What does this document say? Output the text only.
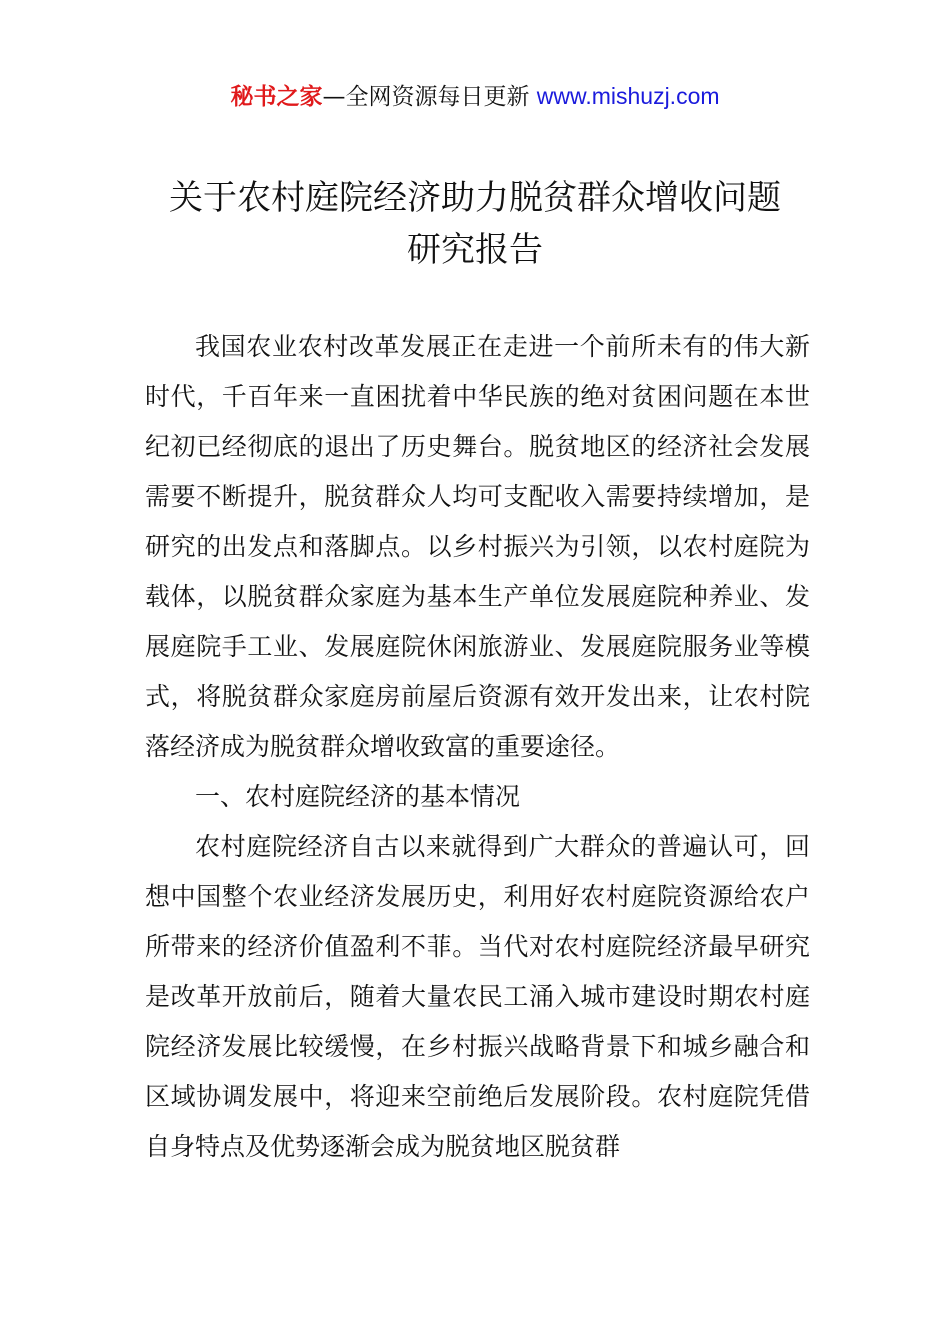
秘书之家—全网资源每日更新 www.mishuzj.com
关于农村庭院经济助力脱贫群众增收问题
研究报告

我国农业农村改革发展正在走进一个前所未有的伟大新时代，千百年来一直困扰着中华民族的绝对贫困问题在本世纪初已经彻底的退出了历史舞台。脱贫地区的经济社会发展需要不断提升，脱贫群众人均可支配收入需要持续增加，是研究的出发点和落脚点。以乡村振兴为引领，以农村庭院为载体，以脱贫群众家庭为基本生产单位发展庭院种养业、发展庭院手工业、发展庭院休闲旅游业、发展庭院服务业等模式，将脱贫群众家庭房前屋后资源有效开发出来，让农村院落经济成为脱贫群众增收致富的重要途径。

一、农村庭院经济的基本情况

农村庭院经济自古以来就得到广大群众的普遍认可，回想中国整个农业经济发展历史，利用好农村庭院资源给农户所带来的经济价值盈利不菲。当代对农村庭院经济最早研究是改革开放前后，随着大量农民工涌入城市建设时期农村庭院经济发展比较缓慢，在乡村振兴战略背景下和城乡融合和区域协调发展中，将迎来空前绝后发展阶段。农村庭院凭借自身特点及优势逐渐会成为脱贫地区脱贫群
